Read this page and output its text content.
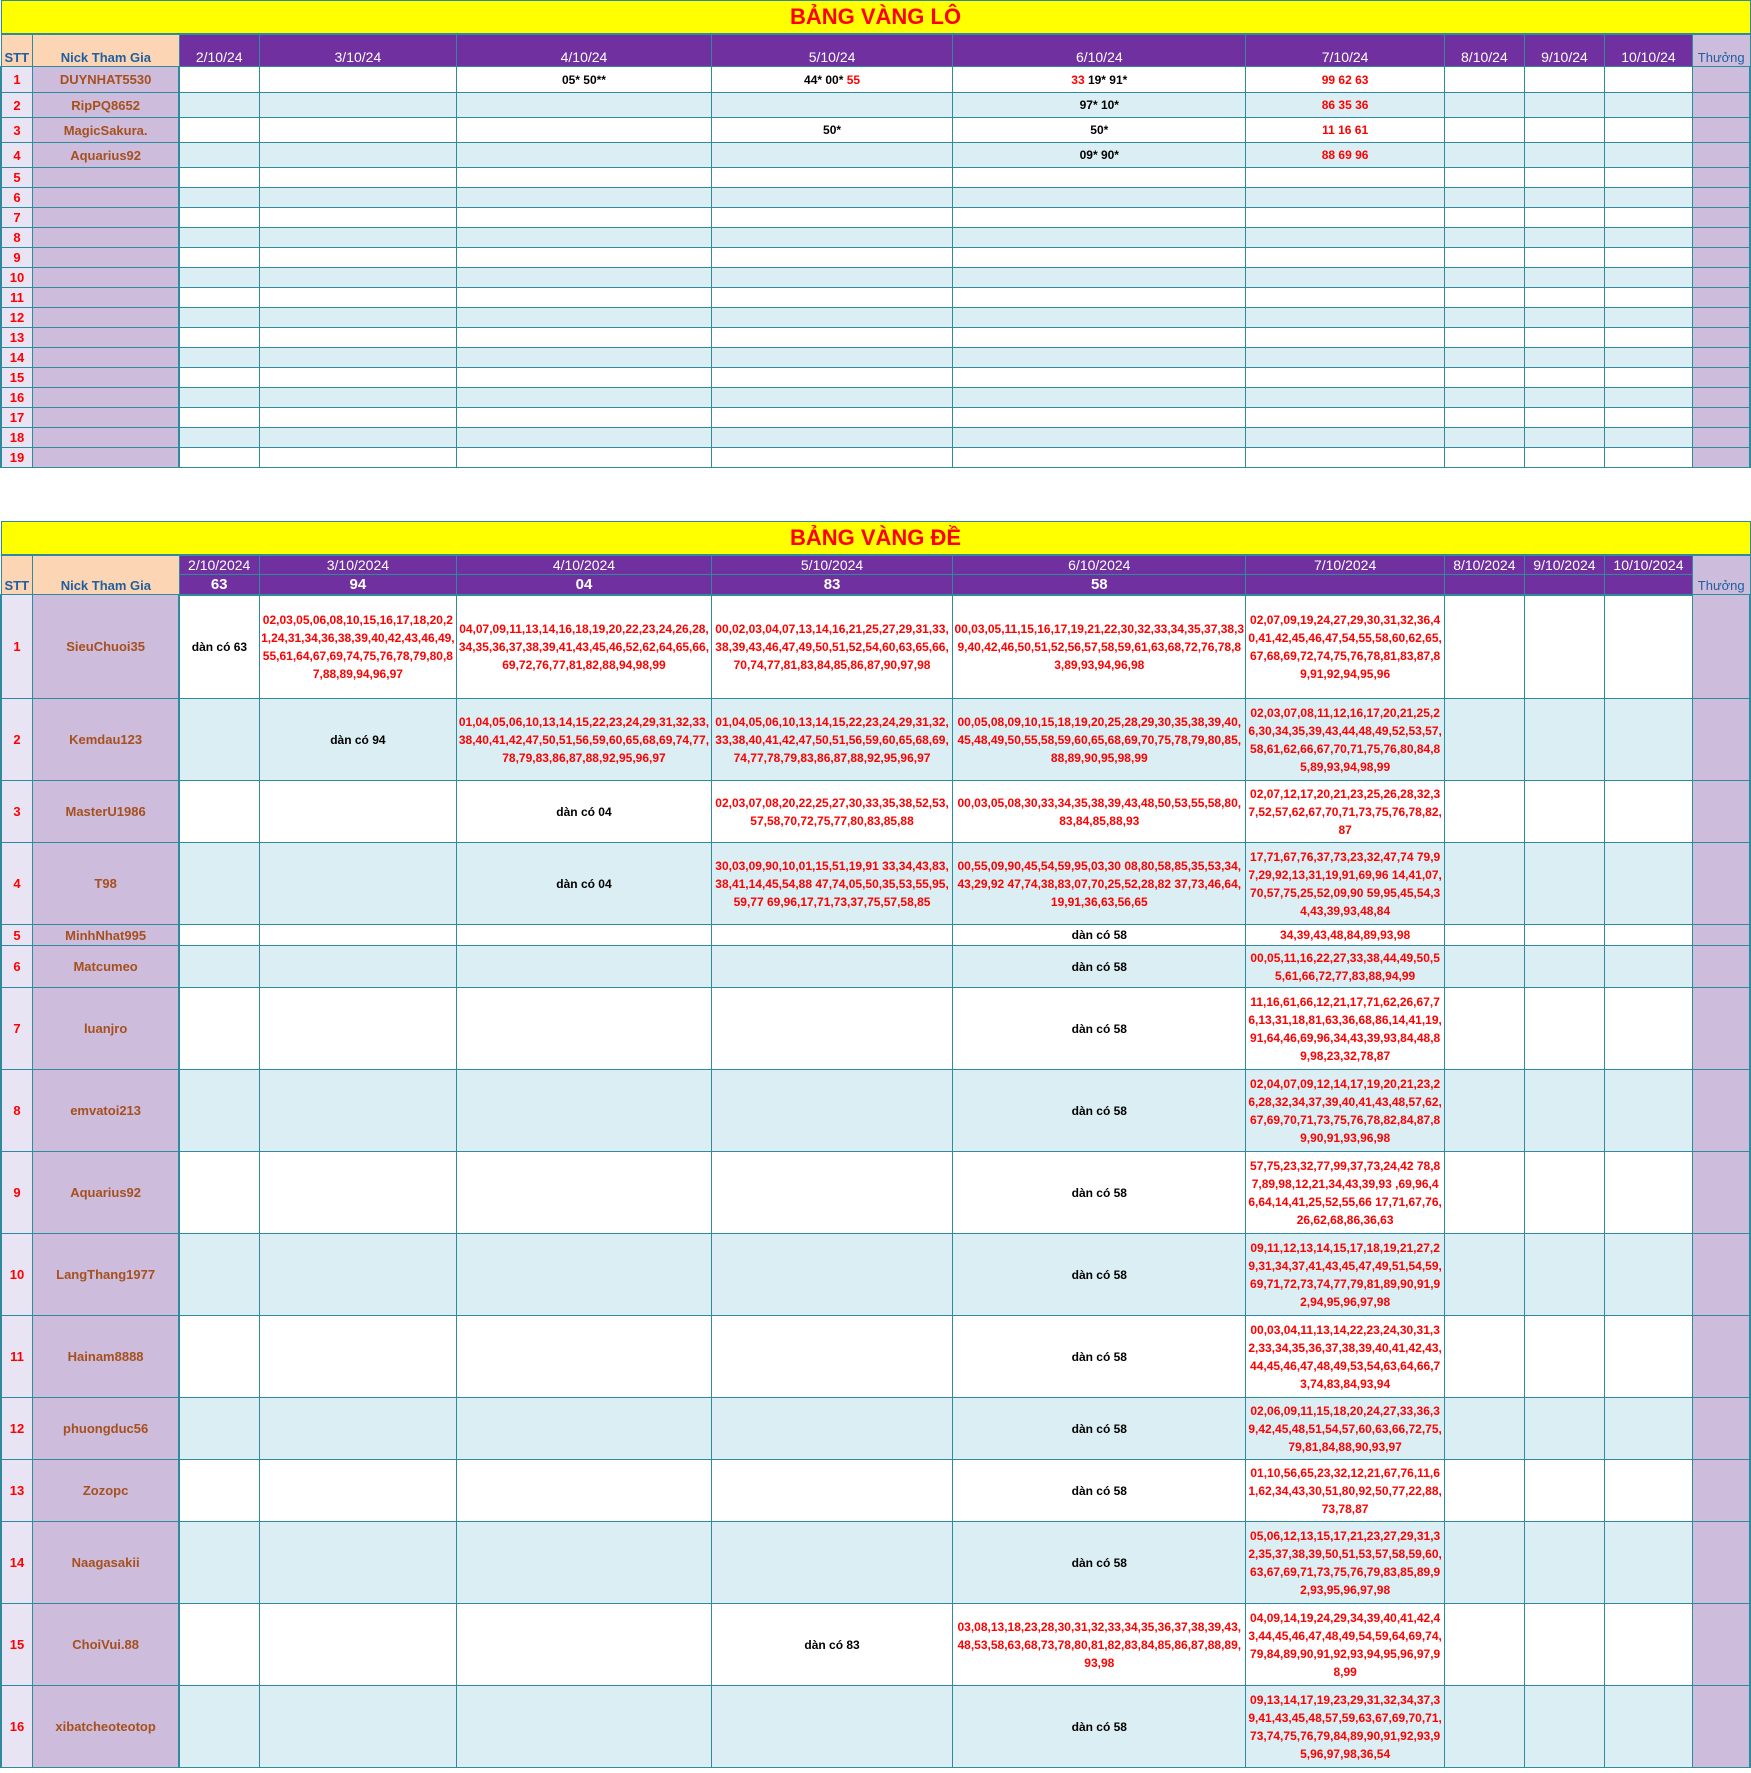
BẢNG VÀNG LÔ											
STT	Nick Tham Gia	2/10/24	3/10/24	4/10/24	5/10/24	6/10/24	7/10/24	8/10/24	9/10/24	10/10/24	Thưởng
1	DUYNHAT5530			05* 50**	44* 00* 55	33 19* 91*	99 62 63				
2	RipPQ8652					97* 10*	86 35 36				
3	MagicSakura.				50*	50*	11 16 61				
4	Aquarius92					09* 90*	88 69 96				
5											
6											
7											
8											
9											
10											
11											
12											
13											
14											
15											
16											
17											
18											
19											
BẢNG VÀNG ĐỀ											
STT	Nick Tham Gia	2/10/2024	3/10/2024	4/10/2024	5/10/2024	6/10/2024	7/10/2024	8/10/2024	9/10/2024	10/10/2024	Thưởng
		63	94	04	83	58					
1	SieuChuoi35	dàn có 63	02,03,05,06,08,10,15,16,17,18,20,21,24,31,34,36,38,39,40,42,43,46,49,55,61,64,67,69,74,75,76,78,79,80,87,88,89,94,96,97	04,07,09,11,13,14,16,18,19,20,22,23,24,26,28,34,35,36,37,38,39,41,43,45,46,52,62,64,65,66,69,72,76,77,81,82,88,94,98,99	00,02,03,04,07,13,14,16,21,25,27,29,31,33,38,39,43,46,47,49,50,51,52,54,60,63,65,66,70,74,77,81,83,84,85,86,87,90,97,98	00,03,05,11,15,16,17,19,21,22,30,32,33,34,35,37,38,39,40,42,46,50,51,52,56,57,58,59,61,63,68,72,76,78,83,89,93,94,96,98	02,07,09,19,24,27,29,30,31,32,36,40,41,42,45,46,47,54,55,58,60,62,65,67,68,69,72,74,75,76,78,81,83,87,89,91,92,94,95,96				
2	Kemdau123		dàn có 94	01,04,05,06,10,13,14,15,22,23,24,29,31,32,33,38,40,41,42,47,50,51,56,59,60,65,68,69,74,77,78,79,83,86,87,88,92,95,96,97	01,04,05,06,10,13,14,15,22,23,24,29,31,32,33,38,40,41,42,47,50,51,56,59,60,65,68,69,74,77,78,79,83,86,87,88,92,95,96,97	00,05,08,09,10,15,18,19,20,25,28,29,30,35,38,39,40,45,48,49,50,55,58,59,60,65,68,69,70,75,78,79,80,85,88,89,90,95,98,99	02,03,07,08,11,12,16,17,20,21,25,26,30,34,35,39,43,44,48,49,52,53,57,58,61,62,66,67,70,71,75,76,80,84,85,89,93,94,98,99				
3	MasterU1986			dàn có 04	02,03,07,08,20,22,25,27,30,33,35,38,52,53,57,58,70,72,75,77,80,83,85,88	00,03,05,08,30,33,34,35,38,39,43,48,50,53,55,58,80,83,84,85,88,93	02,07,12,17,20,21,23,25,26,28,32,37,52,57,62,67,70,71,73,75,76,78,82,87				
4	T98			dàn có 04	30,03,09,90,10,01,15,51,19,91 33,34,43,83,38,41,14,45,54,88 47,74,05,50,35,53,55,95,59,77 69,96,17,71,73,37,75,57,58,85	00,55,09,90,45,54,59,95,03,30 08,80,58,85,35,53,34,43,29,92 47,74,38,83,07,70,25,52,28,82 37,73,46,64,19,91,36,63,56,65	17,71,67,76,37,73,23,32,47,74 79,97,29,92,13,31,19,91,69,96 14,41,07,70,57,75,25,52,09,90 59,95,45,54,34,43,39,93,48,84				
5	MinhNhat995					dàn có 58	34,39,43,48,84,89,93,98				
6	Matcumeo					dàn có 58	00,05,11,16,22,27,33,38,44,49,50,55,61,66,72,77,83,88,94,99				
7	luanjro					dàn có 58	11,16,61,66,12,21,17,71,62,26,67,76,13,31,18,81,63,36,68,86,14,41,19,91,64,46,69,96,34,43,39,93,84,48,89,98,23,32,78,87				
8	emvatoi213					dàn có 58	02,04,07,09,12,14,17,19,20,21,23,26,28,32,34,37,39,40,41,43,48,57,62,67,69,70,71,73,75,76,78,82,84,87,89,90,91,93,96,98				
9	Aquarius92					dàn có 58	57,75,23,32,77,99,37,73,24,42 78,87,89,98,12,21,34,43,39,93 ,69,96,46,64,14,41,25,52,55,66 17,71,67,76,26,62,68,86,36,63				
10	LangThang1977					dàn có 58	09,11,12,13,14,15,17,18,19,21,27,29,31,34,37,41,43,45,47,49,51,54,59,69,71,72,73,74,77,79,81,89,90,91,92,94,95,96,97,98				
11	Hainam8888					dàn có 58	00,03,04,11,13,14,22,23,24,30,31,32,33,34,35,36,37,38,39,40,41,42,43,44,45,46,47,48,49,53,54,63,64,66,73,74,83,84,93,94				
12	phuongduc56					dàn có 58	02,06,09,11,15,18,20,24,27,33,36,39,42,45,48,51,54,57,60,63,66,72,75,79,81,84,88,90,93,97				
13	Zozopc					dàn có 58	01,10,56,65,23,32,12,21,67,76,11,61,62,34,43,30,51,80,92,50,77,22,88,73,78,87				
14	Naagasakii					dàn có 58	05,06,12,13,15,17,21,23,27,29,31,32,35,37,38,39,50,51,53,57,58,59,60,63,67,69,71,73,75,76,79,83,85,89,92,93,95,96,97,98				
15	ChoiVui.88				dàn có 83	03,08,13,18,23,28,30,31,32,33,34,35,36,37,38,39,43,48,53,58,63,68,73,78,80,81,82,83,84,85,86,87,88,89,93,98	04,09,14,19,24,29,34,39,40,41,42,43,44,45,46,47,48,49,54,59,64,69,74,79,84,89,90,91,92,93,94,95,96,97,98,99				
16	xibatcheoteotop					dàn có 58	09,13,14,17,19,23,29,31,32,34,37,39,41,43,45,48,57,59,63,67,69,70,71,73,74,75,76,79,84,89,90,91,92,93,95,96,97,98,36,54				
